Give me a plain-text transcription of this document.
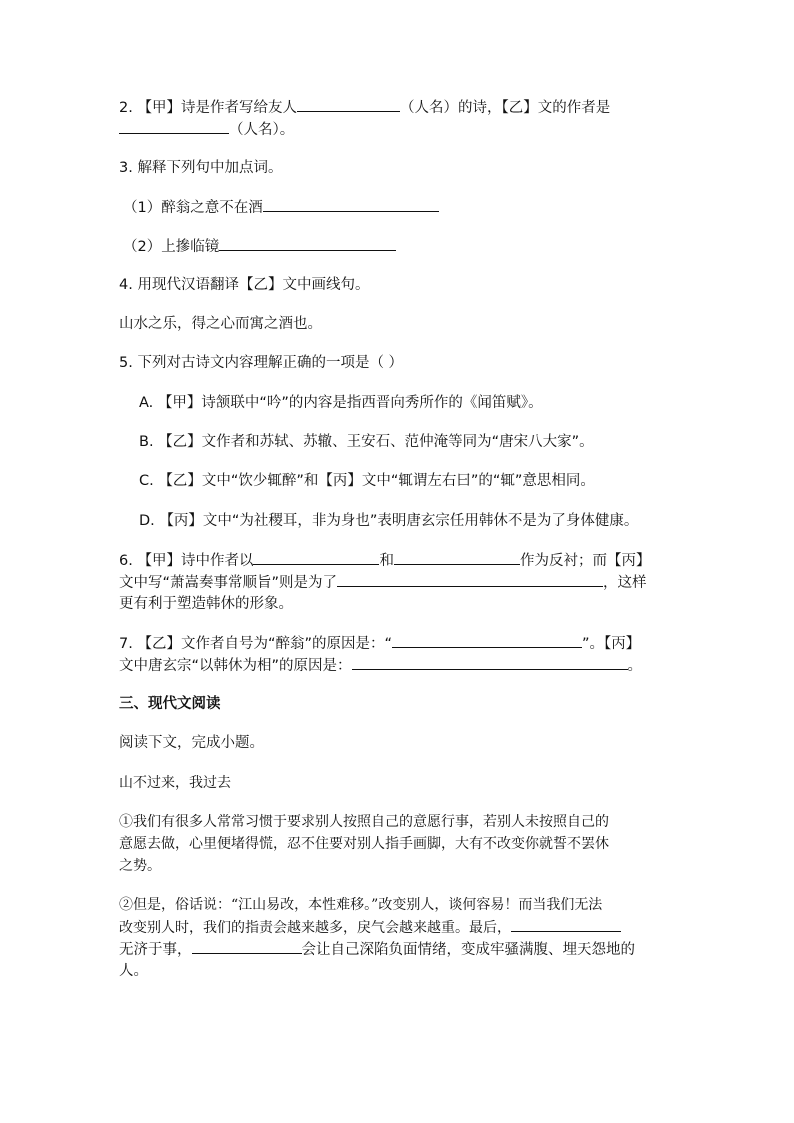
2. 【甲】诗是作者写给友人	（人名）的诗，【乙】文的作者是
（人名）。
3. 解释下列句中加点词。
（1）醉翁之意不在酒
（2）上摻临镜
4. 用现代汉语翻译【乙】文中画线句。
山水之乐，得之心而寓之酒也。
5. 下列对古诗文内容理解正确的一项是（ ）
A. 【甲】诗颔联中“吟”的内容是指西晋向秀所作的《闻笛赋》。
B. 【乙】文作者和苏轼、苏辙、王安石、范仲淹等同为“唐宋八大家”。
C. 【乙】文中“饮少辄醉”和【丙】文中“辄谓左右曰”的“辄”意思相同。
D. 【丙】文中“为社稷耳，非为身也”表明唐玄宗任用韩休不是为了身体健康。
6. 【甲】诗中作者以	和	作为反衬；而【丙】
文中写“萧嵩奏事常顺旨”则是为了	，这样
更有利于塑造韩休的形象。
7. 【乙】文作者自号为“醉翁”的原因是：“	”。【丙】
文中唐玄宗“以韩休为相”的原因是：	。
三、现代文阅读
阅读下文，完成小题。
山不过来，我过去
①我们有很多人常常习惯于要求别人按照自己的意愿行事，若别人未按照自己的
意愿去做，心里便堵得慌，忍不住要对别人指手画脚，大有不改变你就誓不罢休
之势。
②但是，俗话说：“江山易改，本性难移。”改变别人，谈何容易！而当我们无法
改变别人时，我们的指责会越来越多，戾气会越来越重。最后，
无济于事，	会让自己深陷负面情绪，变成牢骚满腹、埋天怨地的
人。
